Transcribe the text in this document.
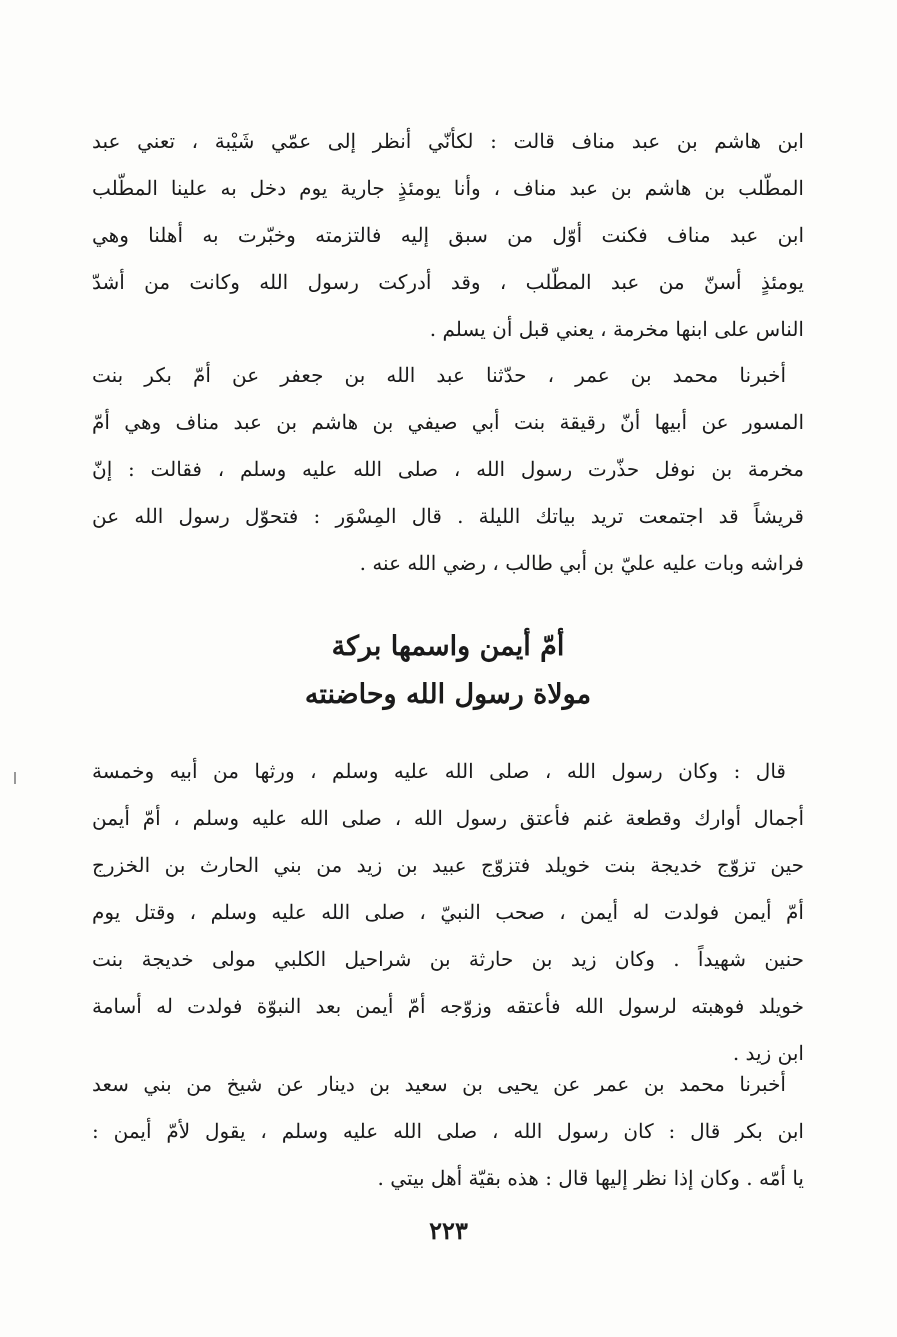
ابن هاشم بن عبد مناف قالت : لكأنّي أنظر إلى عمّي شَيْبة ، تعني عبد
المطّلب بن هاشم بن عبد مناف ، وأنا يومئذٍ جارية يوم دخل به علينا المطّلب
ابن عبد مناف فكنت أوّل من سبق إليه فالتزمته وخبّرت به أهلنا وهي
يومئذٍ أسنّ من عبد المطّلب ، وقد أدركت رسول الله وكانت من أشدّ
الناس على ابنها مخرمة ، يعني قبل أن يسلم .
أخبرنا محمد بن عمر ، حدّثنا عبد الله بن جعفر عن أمّ بكر بنت
المسور عن أبيها أنّ رقيقة بنت أبي صيفي بن هاشم بن عبد مناف وهي أمّ
مخرمة بن نوفل حذّرت رسول الله ، صلى الله عليه وسلم ، فقالت : إنّ
قريشاً قد اجتمعت تريد بياتك الليلة . قال المِسْوَر : فتحوّل رسول الله عن
فراشه وبات عليه عليّ بن أبي طالب ، رضي الله عنه .
أمّ أيمن واسمها بركة
مولاة رسول الله وحاضنته
قال : وكان رسول الله ، صلى الله عليه وسلم ، ورثها من أبيه وخمسة
أجمال أوارك وقطعة غنم فأعتق رسول الله ، صلى الله عليه وسلم ، أمّ أيمن
حين تزوّج خديجة بنت خويلد فتزوّج عبيد بن زيد من بني الحارث بن الخزرج
أمّ أيمن فولدت له أيمن ، صحب النبيّ ، صلى الله عليه وسلم ، وقتل يوم
حنين شهيداً . وكان زيد بن حارثة بن شراحيل الكلبي مولى خديجة بنت
خويلد فوهبته لرسول الله فأعتقه وزوّجه أمّ أيمن بعد النبوّة فولدت له أسامة
ابن زيد .
أخبرنا محمد بن عمر عن يحيى بن سعيد بن دينار عن شيخ من بني سعد
ابن بكر قال : كان رسول الله ، صلى الله عليه وسلم ، يقول لأمّ أيمن :
يا أمّه . وكان إذا نظر إليها قال : هذه بقيّة أهل بيتي .
٢٢٣
